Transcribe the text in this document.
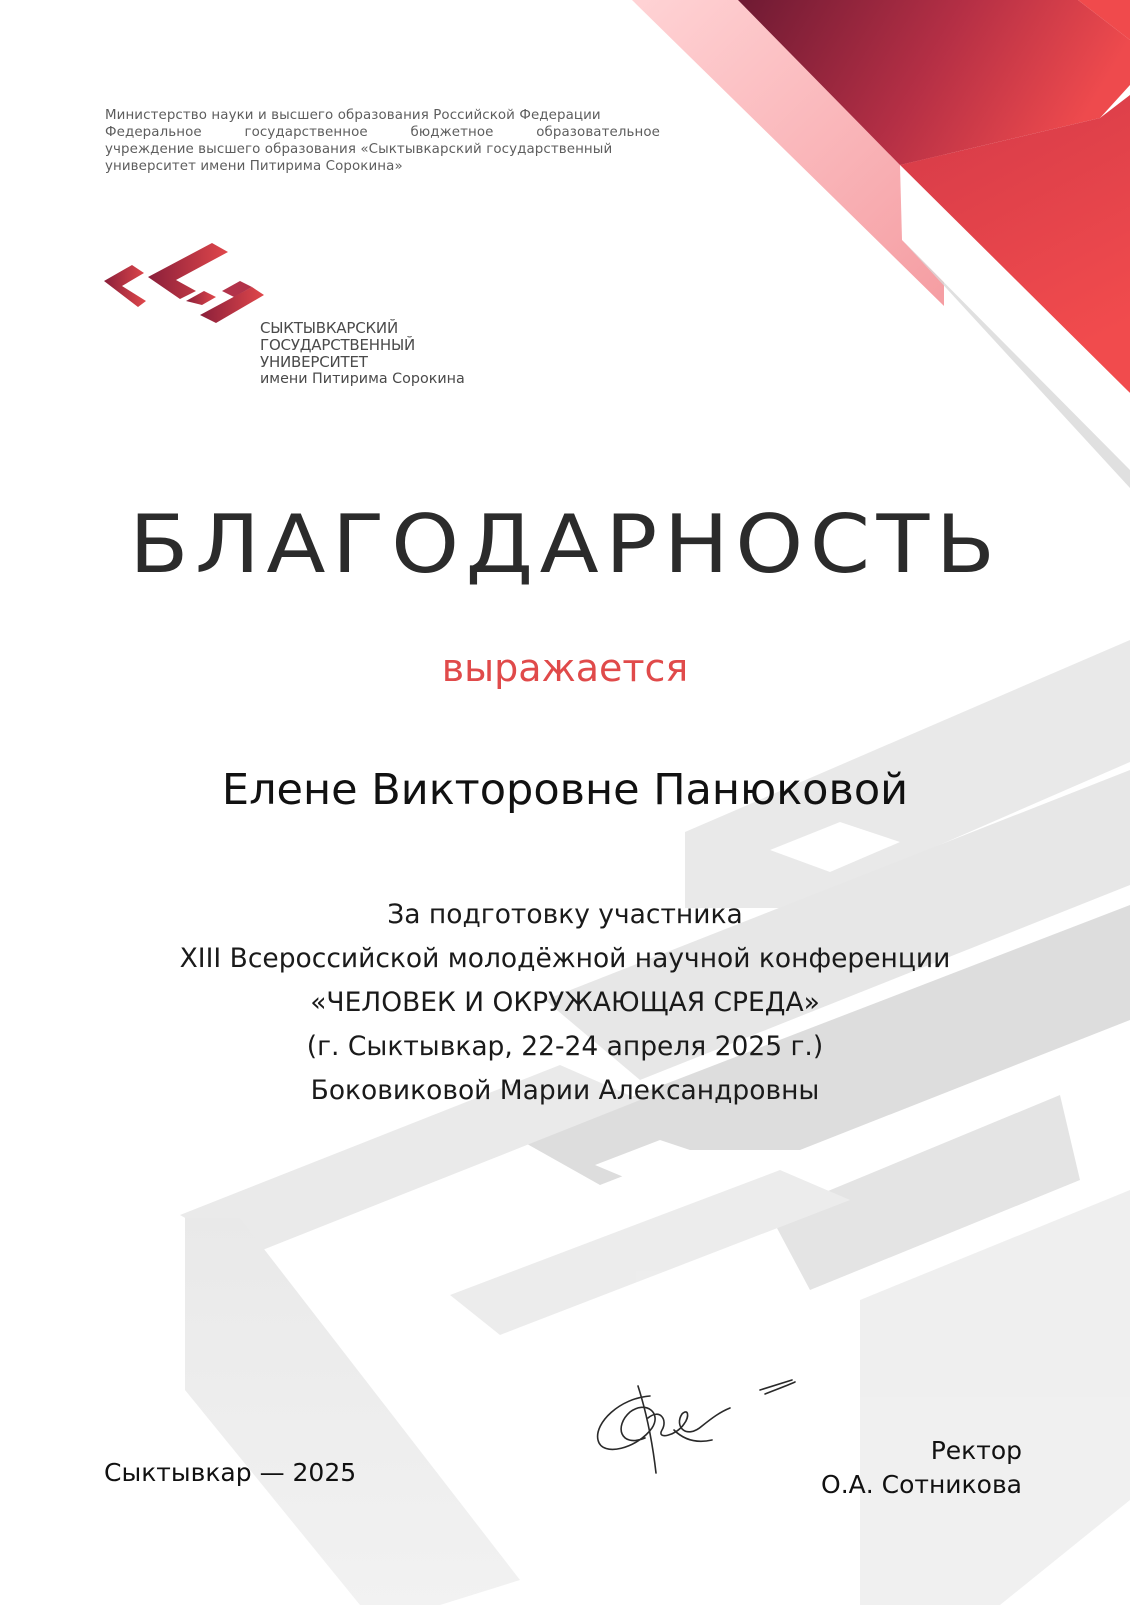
Министерство науки и высшего образования Российской Федерации
Федеральное государственное бюджетное образовательное
учреждение высшего образования «Сыктывкарский государственный
университет имени Питирима Сорокина»
СЫКТЫВКАРСКИЙ
ГОСУДАРСТВЕННЫЙ
УНИВЕРСИТЕТ
имени Питирима Сорокина
БЛАГОДАРНОСТЬ
выражается
Елене Викторовне Панюковой
За подготовку участника
XIII Всероссийской молодёжной научной конференции
«ЧЕЛОВЕК И ОКРУЖАЮЩАЯ СРЕДА»
(г. Сыктывкар, 22-24 апреля 2025 г.)
Боковиковой Марии Александровны
Сыктывкар — 2025
Ректор
О.А. Сотникова
